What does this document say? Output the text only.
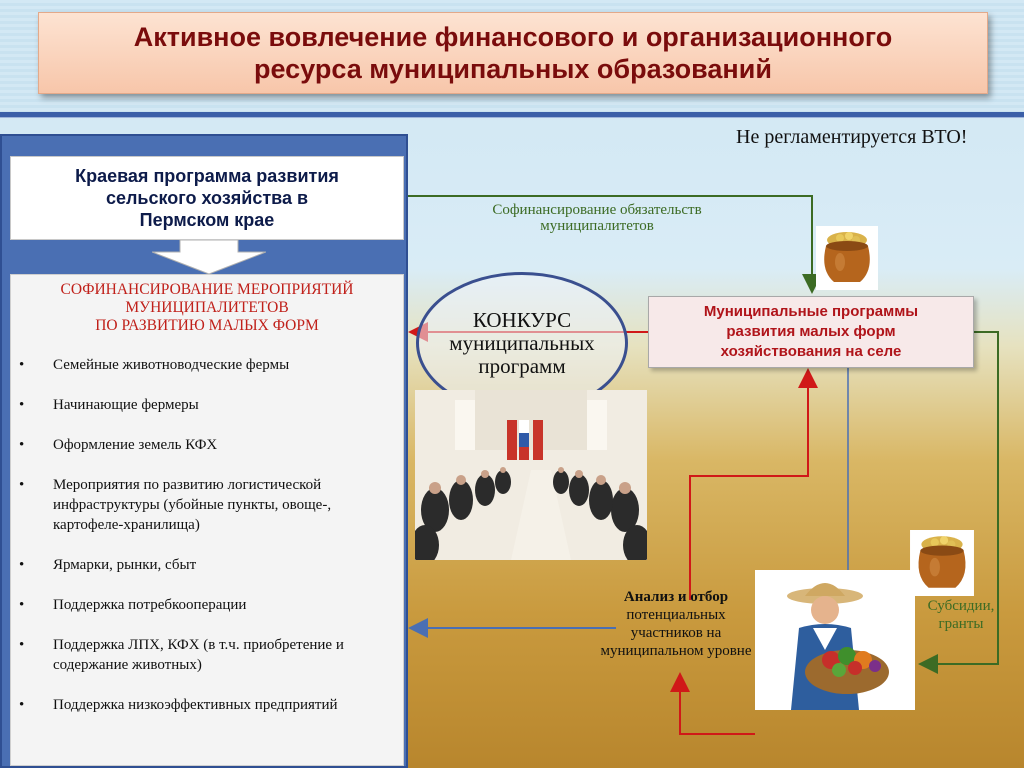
Активное вовлечение финансового и организационного
ресурса муниципальных образований
Не регламентируется ВТО!
Краевая программа развития
сельского хозяйства в
Пермском крае
СОФИНАНСИРОВАНИЕ МЕРОПРИЯТИЙ
МУНИЦИПАЛИТЕТОВ
ПО РАЗВИТИЮ МАЛЫХ ФОРМ
• Семейные животноводческие фермы
• Начинающие фермеры
• Оформление земель КФХ
• Мероприятия по развитию логистической инфраструктуры (убойные пункты, овоще-, картофеле-хранилища)
• Ярмарки, рынки, сбыт
• Поддержка потребкооперации
• Поддержка ЛПХ, КФХ (в т.ч. приобретение и содержание животных)
• Поддержка низкоэффективных предприятий
Софинансирование обязательств
муниципалитетов
КОНКУРС
муниципальных
программ
Муниципальные программы
развития малых форм
хозяйствования на селе
Анализ и отбор
потенциальных
участников на
муниципальном уровне
Субсидии,
гранты
